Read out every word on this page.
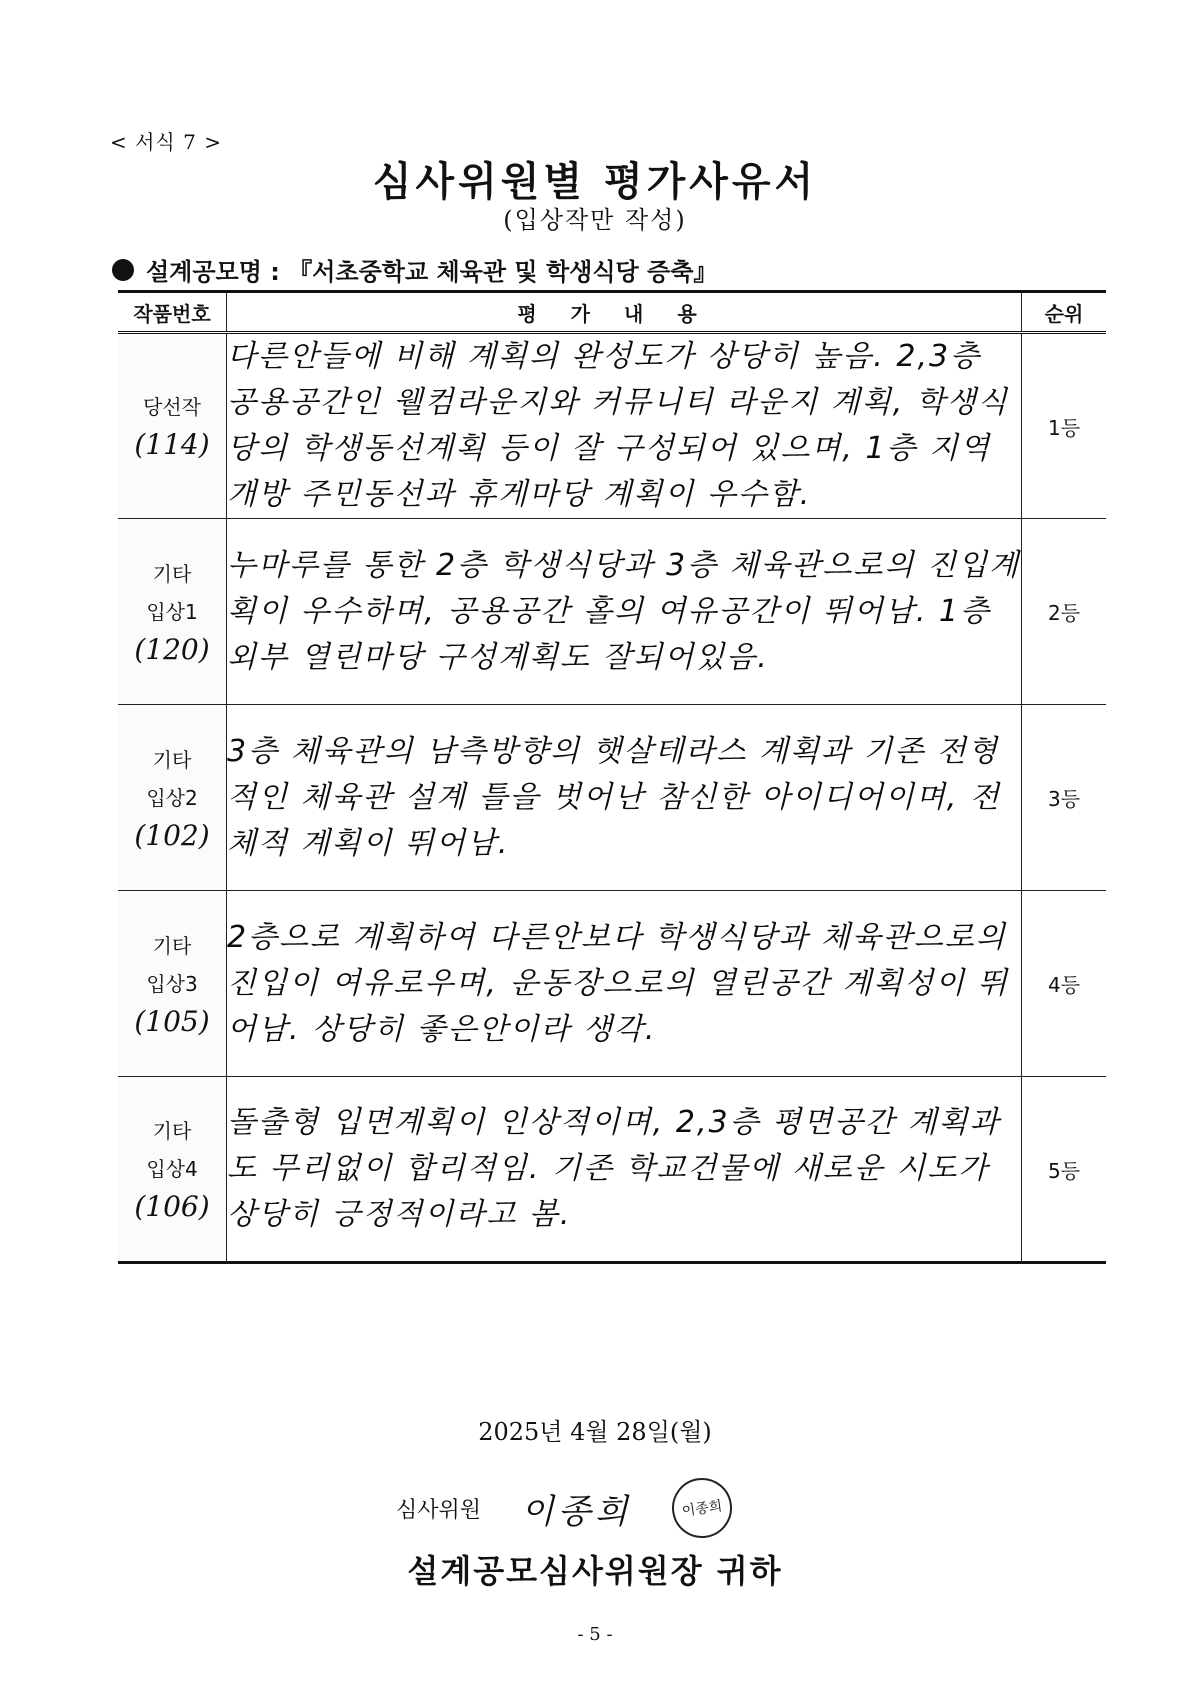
< 서식 7 >
심사위원별 평가사유서
(입상작만 작성)
설계공모명 : 『서초중학교 체육관 및 학생식당 증축』
작품번호	평가내용	순위
당선작

(114)	다른안들에 비해 계획의 완성도가 상당히 높음. 2,3층 공용공간인 웰컴라운지와 커뮤니티 라운지 계획, 학생식당의 학생동선계획 등이 잘 구성되어 있으며, 1층 지역개방 주민동선과 휴게마당 계획이 우수함.	1등
기타
입상1

(120)	누마루를 통한 2층 학생식당과 3층 체육관으로의 진입계획이 우수하며, 공용공간 홀의 여유공간이 뛰어남. 1층 외부 열린마당 구성계획도 잘되어있음.	2등
기타
입상2

(102)	3층 체육관의 남측방향의 햇살테라스 계획과 기존 전형적인 체육관 설계 틀을 벗어난 참신한 아이디어이며, 전체적 계획이 뛰어남.	3등
기타
입상3

(105)	2층으로 계획하여 다른안보다 학생식당과 체육관으로의 진입이 여유로우며, 운동장으로의 열린공간 계획성이 뛰어남. 상당히 좋은안이라 생각.	4등
기타
입상4

(106)	돌출형 입면계획이 인상적이며, 2,3층 평면공간 계획과도 무리없이 합리적임. 기존 학교건물에 새로운 시도가 상당히 긍정적이라고 봄.	5등
2025년 4월 28일(월)
심사위원 이종희	이종희
설계공모심사위원장 귀하
- 5 -
